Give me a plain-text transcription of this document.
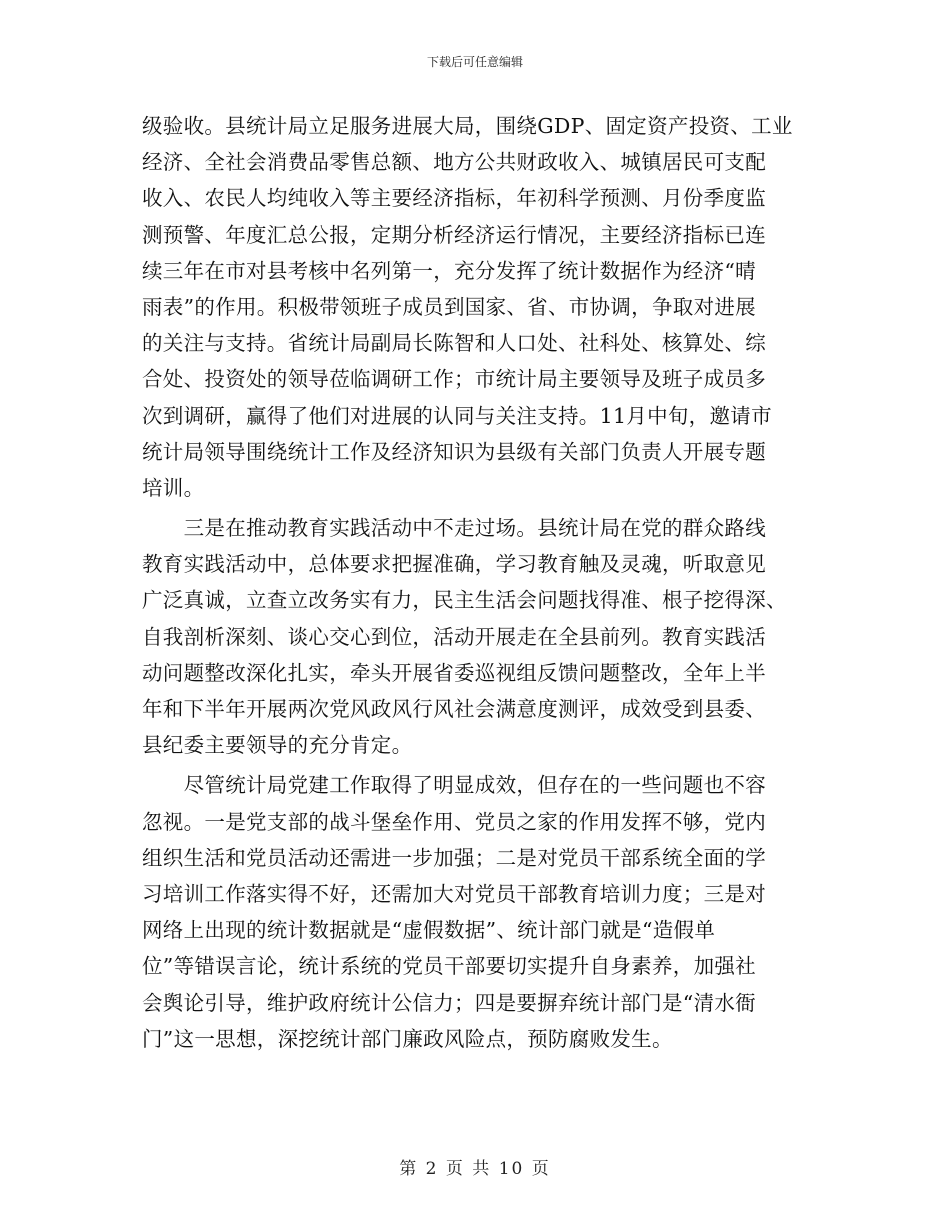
下载后可任意编辑
级验收。县统计局立足服务进展大局，围绕GDP、固定资产投资、工业
经济、全社会消费品零售总额、地方公共财政收入、城镇居民可支配
收入、农民人均纯收入等主要经济指标，年初科学预测、月份季度监
测预警、年度汇总公报，定期分析经济运行情况，主要经济指标已连
续三年在市对县考核中名列第一，充分发挥了统计数据作为经济“晴
雨表”的作用。积极带领班子成员到国家、省、市协调，争取对进展
的关注与支持。省统计局副局长陈智和人口处、社科处、核算处、综
合处、投资处的领导莅临调研工作；市统计局主要领导及班子成员多
次到调研，赢得了他们对进展的认同与关注支持。11月中旬，邀请市
统计局领导围绕统计工作及经济知识为县级有关部门负责人开展专题
培训。
　　三是在推动教育实践活动中不走过场。县统计局在党的群众路线
教育实践活动中，总体要求把握准确，学习教育触及灵魂，听取意见
广泛真诚，立查立改务实有力，民主生活会问题找得准、根子挖得深、
自我剖析深刻、谈心交心到位，活动开展走在全县前列。教育实践活
动问题整改深化扎实，牵头开展省委巡视组反馈问题整改，全年上半
年和下半年开展两次党风政风行风社会满意度测评，成效受到县委、
县纪委主要领导的充分肯定。
　　尽管统计局党建工作取得了明显成效，但存在的一些问题也不容
忽视。一是党支部的战斗堡垒作用、党员之家的作用发挥不够，党内
组织生活和党员活动还需进一步加强；二是对党员干部系统全面的学
习培训工作落实得不好，还需加大对党员干部教育培训力度；三是对
网络上出现的统计数据就是“虚假数据”、统计部门就是“造假单
位”等错误言论，统计系统的党员干部要切实提升自身素养，加强社
会舆论引导，维护政府统计公信力；四是要摒弃统计部门是“清水衙
门”这一思想，深挖统计部门廉政风险点，预防腐败发生。
第 2 页 共 10 页
